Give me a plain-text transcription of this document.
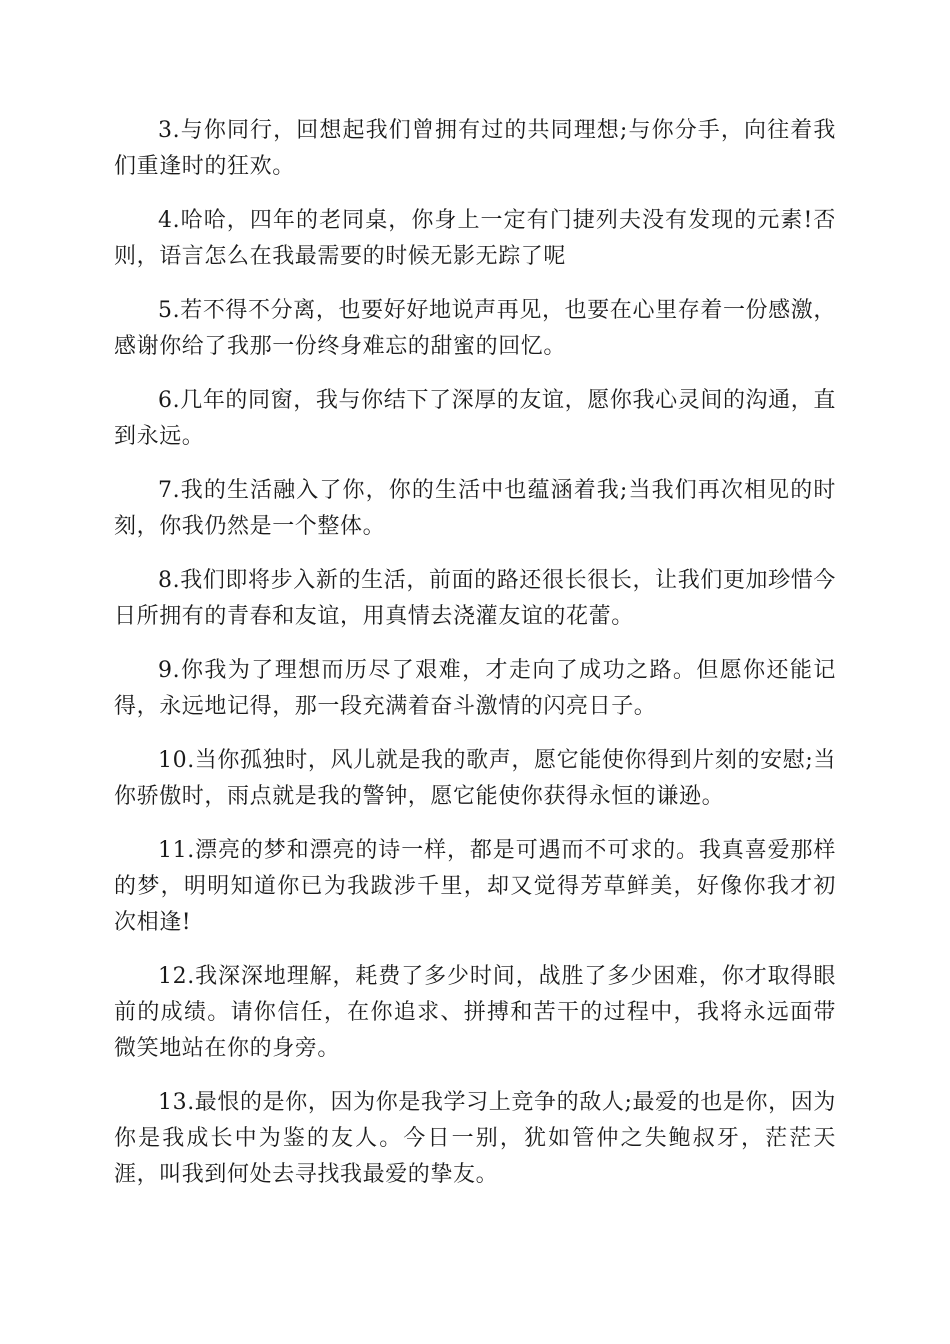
3.与你同行，回想起我们曾拥有过的共同理想;与你分手，向往着我们重逢时的狂欢。

4.哈哈，四年的老同桌，你身上一定有门捷列夫没有发现的元素!否则，语言怎么在我最需要的时候无影无踪了呢

5.若不得不分离，也要好好地说声再见，也要在心里存着一份感激，感谢你给了我那一份终身难忘的甜蜜的回忆。

6.几年的同窗，我与你结下了深厚的友谊，愿你我心灵间的沟通，直到永远。

7.我的生活融入了你，你的生活中也蕴涵着我;当我们再次相见的时刻，你我仍然是一个整体。

8.我们即将步入新的生活，前面的路还很长很长，让我们更加珍惜今日所拥有的青春和友谊，用真情去浇灌友谊的花蕾。

9.你我为了理想而历尽了艰难，才走向了成功之路。但愿你还能记得，永远地记得，那一段充满着奋斗激情的闪亮日子。

10.当你孤独时，风儿就是我的歌声，愿它能使你得到片刻的安慰;当你骄傲时，雨点就是我的警钟，愿它能使你获得永恒的谦逊。

11.漂亮的梦和漂亮的诗一样，都是可遇而不可求的。我真喜爱那样的梦，明明知道你已为我跋涉千里，却又觉得芳草鲜美，好像你我才初次相逢!

12.我深深地理解，耗费了多少时间，战胜了多少困难，你才取得眼前的成绩。请你信任，在你追求、拼搏和苦干的过程中，我将永远面带微笑地站在你的身旁。

13.最恨的是你，因为你是我学习上竞争的敌人;最爱的也是你，因为你是我成长中为鉴的友人。今日一别，犹如管仲之失鲍叔牙，茫茫天涯，叫我到何处去寻找我最爱的挚友。
